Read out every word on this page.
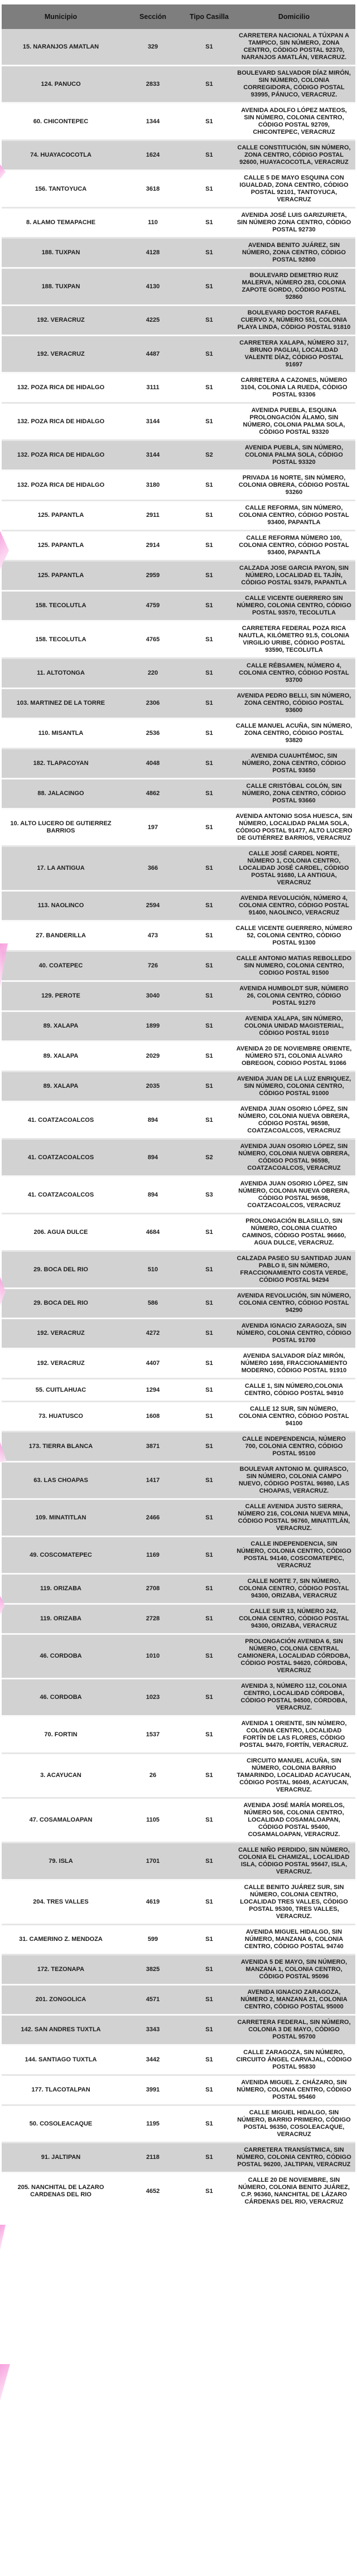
Municipio	Sección	Tipo Casilla	Domicilio
15. NARANJOS AMATLAN	329	S1	CARRETERA NACIONAL A TÚXPAN A TAMPICO, SIN NÚMERO, ZONA CENTRO, CÓDIGO POSTAL 92370, NARANJOS AMATLÁN, VERACRUZ.
124. PANUCO	2833	S1	BOULEVARD SALVADOR DÍAZ MIRÓN, SIN NÚMERO, COLONIA CORREGIDORA, CÓDIGO POSTAL 93995, PÁNUCO, VERACRUZ.
60. CHICONTEPEC	1344	S1	AVENIDA ADOLFO LÓPEZ MATEOS, SIN NÚMERO, COLONIA CENTRO, CÓDIGO POSTAL 92709, CHICONTEPEC, VERACRUZ
74. HUAYACOCOTLA	1624	S1	CALLE CONSTITUCIÓN, SIN NÚMERO, ZONA CENTRO, CÓDIGO POSTAL 92600, HUAYACOCOTLA, VERACRUZ
156. TANTOYUCA	3618	S1	CALLE 5 DE MAYO ESQUINA CON IGUALDAD, ZONA CENTRO, CÓDIGO POSTAL 92101, TANTOYUCA, VERACRUZ
8. ALAMO TEMAPACHE	110	S1	AVENIDA JOSÉ LUIS GARIZURIETA, SIN NÚMERO ZONA CENTRO, CÓDIGO POSTAL 92730
188. TUXPAN	4128	S1	AVENIDA BENITO JUÁREZ, SIN NÚMERO, ZONA CENTRO, CÓDIGO POSTAL 92800
188. TUXPAN	4130	S1	BOULEVARD DEMETRIO RUIZ MALERVA, NÚMERO 283, COLONIA ZAPOTE GORDO, CÓDIGO POSTAL 92860
192. VERACRUZ	4225	S1	BOULEVARD DOCTOR RAFAEL CUERVO X, NÚMERO 551, COLONIA PLAYA LINDA, CÓDIGO POSTAL 91810
192. VERACRUZ	4487	S1	CARRETERA XALAPA, NÚMERO 317, BRUNO PAGLIAI, LOCALIDAD VALENTE DÍAZ, CÓDIGO POSTAL 91697
132. POZA RICA DE HIDALGO	3111	S1	CARRETERA A CAZONES, NÚMERO 3104, COLONIA LA RUEDA, CÓDIGO POSTAL 93306
132. POZA RICA DE HIDALGO	3144	S1	AVENIDA PUEBLA, ESQUINA PROLONGACIÓN ÁLAMO, SIN NÚMERO, COLONIA PALMA SOLA, CÓDIGO POSTAL 93320
132. POZA RICA DE HIDALGO	3144	S2	AVENIDA PUEBLA, SIN NÚMERO, COLONIA PALMA SOLA, CÓDIGO POSTAL 93320
132. POZA RICA DE HIDALGO	3180	S1	PRIVADA 16 NORTE, SIN NÚMERO, COLONIA OBRERA, CÓDIGO POSTAL 93260
125. PAPANTLA	2911	S1	CALLE REFORMA, SIN NÚMERO, COLONIA CENTRO, CÓDIGO POSTAL 93400, PAPANTLA
125. PAPANTLA	2914	S1	CALLE REFORMA NÚMERO 100, COLONIA CENTRO, CÓDIGO POSTAL 93400, PAPANTLA
125. PAPANTLA	2959	S1	CALZADA JOSE GARCIA PAYON, SIN NÚMERO, LOCALIDAD EL TAJÍN, CÓDIGO POSTAL 93479, PAPANTLA
158. TECOLUTLA	4759	S1	CALLE VICENTE GUERRERO SIN NÚMERO, COLONIA CENTRO, CÓDIGO POSTAL 93570, TECOLUTLA
158. TECOLUTLA	4765	S1	CARRETERA FEDERAL POZA RICA NAUTLA, KILÓMETRO 91.5, COLONIA VIRGILIO URIBE, CÓDIGO POSTAL 93590, TECOLUTLA
11. ALTOTONGA	220	S1	CALLE RÉBSAMEN, NÚMERO 4, COLONIA CENTRO, CÓDIGO POSTAL 93700
103. MARTINEZ DE LA TORRE	2306	S1	AVENIDA PEDRO BELLI, SIN NÚMERO, ZONA CENTRO, CÓDIGO POSTAL 93600
110. MISANTLA	2536	S1	CALLE MANUEL ACUÑA, SIN NÚMERO, ZONA CENTRO, CÓDIGO POSTAL 93820
182. TLAPACOYAN	4048	S1	AVENIDA CUAUHTÉMOC, SIN NÚMERO, ZONA CENTRO, CÓDIGO POSTAL 93650
88. JALACINGO	4862	S1	CALLE CRISTÓBAL COLÓN, SIN NÚMERO, ZONA CENTRO, CÓDIGO POSTAL 93660
10. ALTO LUCERO DE GUTIERREZ BARRIOS	197	S1	AVENIDA ANTONIO SOSA HUESCA, SIN NÚMERO, LOCALIDAD PALMA SOLA, CÓDIGO POSTAL 91477, ALTO LUCERO DE GUTIÉRREZ BARRIOS, VERACRUZ
17. LA ANTIGUA	366	S1	CALLE JOSÉ CARDEL NORTE, NÚMERO 1, COLONIA CENTRO, LOCALIDAD JOSÉ CARDEL, CÓDIGO POSTAL 91680, LA ANTIGUA, VERACRUZ
113. NAOLINCO	2594	S1	AVENIDA REVOLUCIÓN, NÚMERO 4, COLONIA CENTRO, CÓDIGO POSTAL 91400, NAOLINCO, VERACRUZ
27. BANDERILLA	473	S1	CALLE VICENTE GUERRERO, NÚMERO 52, COLONIA CENTRO, CÓDIGO POSTAL 91300
40. COATEPEC	726	S1	CALLE ANTONIO MATIAS REBOLLEDO SIN NUMERO, COLONIA CENTRO, CODIGO POSTAL 91500
129. PEROTE	3040	S1	AVENIDA HUMBOLDT SUR, NÚMERO 26, COLONIA CENTRO, CÓDIGO POSTAL 91270
89. XALAPA	1899	S1	AVENIDA XALAPA, SIN NÚMERO, COLONIA UNIDAD MAGISTERIAL, CÓDIGO POSTAL 91010
89. XALAPA	2029	S1	AVENIDA 20 DE NOVIEMBRE ORIENTE, NÚMERO 571, COLONIA ALVARO OBREGON, CODIGO POSTAL 91066
89. XALAPA	2035	S1	AVENIDA JUAN DE LA LUZ ENRIQUEZ, SIN NÚMERO, COLONIA CENTRO, CÓDIGO POSTAL 91000
41. COATZACOALCOS	894	S1	AVENIDA JUAN OSORIO LÓPEZ, SIN NÚMERO, COLONIA NUEVA OBRERA, CÓDIGO POSTAL 96598, COATZACOALCOS, VERACRUZ
41. COATZACOALCOS	894	S2	AVENIDA JUAN OSORIO LÓPEZ, SIN NÚMERO, COLONIA NUEVA OBRERA, CÓDIGO POSTAL 96598, COATZACOALCOS, VERACRUZ
41. COATZACOALCOS	894	S3	AVENIDA JUAN OSORIO LÓPEZ, SIN NÚMERO, COLONIA NUEVA OBRERA, CÓDIGO POSTAL 96598, COATZACOALCOS, VERACRUZ
206. AGUA DULCE	4684	S1	PROLONGACIÓN BLASILLO, SIN NÚMERO, COLONIA CUATRO CAMINOS, CÓDIGO POSTAL 96660, AGUA DULCE, VERACRUZ.
29. BOCA DEL RIO	510	S1	CALZADA PASEO SU SANTIDAD JUAN PABLO II, SIN NÚMERO, FRACCIONAMIENTO COSTA VERDE, CÓDIGO POSTAL 94294
29. BOCA DEL RIO	586	S1	AVENIDA REVOLUCIÓN, SIN NÚMERO, COLONIA CENTRO, CÓDIGO POSTAL 94290
192. VERACRUZ	4272	S1	AVENIDA IGNACIO ZARAGOZA, SIN NÚMERO, COLONIA CENTRO, CÓDIGO POSTAL 91700
192. VERACRUZ	4407	S1	AVENIDA SALVADOR DÍAZ MIRÓN, NÚMERO 1698, FRACCIONAMIENTO MODERNO, CÓDIGO POSTAL 91910
55. CUITLAHUAC	1294	S1	CALLE 1, SIN NÚMERO,COLONIA CENTRO, CÓDIGO POSTAL 94910
73. HUATUSCO	1608	S1	CALLE 12 SUR, SIN NÚMERO, COLONIA CENTRO, CÓDIGO POSTAL 94100
173. TIERRA BLANCA	3871	S1	CALLE INDEPENDENCIA, NÚMERO 700, COLONIA CENTRO, CÓDIGO POSTAL 95100
63. LAS CHOAPAS	1417	S1	BOULEVAR ANTONIO M. QUIRASCO, SIN NÚMERO, COLONIA CAMPO NUEVO, CÓDIGO POSTAL 96980, LAS CHOAPAS, VERACRUZ.
109. MINATITLAN	2466	S1	CALLE AVENIDA JUSTO SIERRA, NÚMERO 216, COLONIA NUEVA MINA, CÓDIGO POSTAL 96760, MINATITLÁN, VERACRUZ.
49. COSCOMATEPEC	1169	S1	CALLE INDEPENDENCIA, SIN NÚMERO, COLONIA CENTRO, CÓDIGO POSTAL 94140, COSCOMATEPEC, VERACRUZ
119. ORIZABA	2708	S1	CALLE NORTE 7, SIN NÚMERO, COLONIA CENTRO, CÓDIGO POSTAL 94300, ORIZABA, VERACRUZ
119. ORIZABA	2728	S1	CALLE SUR 13, NÚMERO 242, COLONIA CENTRO, CÓDIGO POSTAL 94300, ORIZABA, VERACRUZ
46. CORDOBA	1010	S1	PROLONGACIÓN AVENIDA 6, SIN NÚMERO, COLONIA CENTRAL CAMIONERA, LOCALIDAD CÓRDOBA, CÓDIGO POSTAL 94620, CÓRDOBA, VERACRUZ
46. CORDOBA	1023	S1	AVENIDA 3, NÚMERO 112, COLONIA CENTRO, LOCALIDAD CÓRDOBA, CÓDIGO POSTAL 94500, CÓRDOBA, VERACRUZ.
70. FORTIN	1537	S1	AVENIDA 1 ORIENTE, SIN NÚMERO, COLONIA CENTRO, LOCALIDAD FORTÍN DE LAS FLORES, CÓDIGO POSTAL 94470, FORTÍN, VERACRUZ.
3. ACAYUCAN	26	S1	CIRCUITO MANUEL ACUÑA, SIN NÚMERO, COLONIA BARRIO TAMARINDO, LOCALIDAD ACAYUCAN, CÓDIGO POSTAL 96049, ACAYUCAN, VERACRUZ.
47. COSAMALOAPAN	1105	S1	AVENIDA JOSÉ MARÍA MORELOS, NÚMERO 506, COLONIA CENTRO, LOCALIDAD COSAMALOAPAN, CÓDIGO POSTAL 95400, COSAMALOAPAN, VERACRUZ.
79. ISLA	1701	S1	CALLE NIÑO PERDIDO, SIN NÚMERO, COLONIA EL CHAMIZAL, LOCALIDAD ISLA, CÓDIGO POSTAL 95647, ISLA, VERACRUZ.
204. TRES VALLES	4619	S1	CALLE BENITO JUÁREZ SUR, SIN NÚMERO, COLONIA CENTRO, LOCALIDAD TRES VALLES, CÓDIGO POSTAL 95300, TRES VALLES, VERACRUZ.
31. CAMERINO Z. MENDOZA	599	S1	AVENIDA MIGUEL HIDALGO, SIN NÚMERO, MANZANA 6, COLONIA CENTRO, CÓDIGO POSTAL 94740
172. TEZONAPA	3825	S1	AVENIDA 5 DE MAYO, SIN NÚMERO, MANZANA 1, COLONIA CENTRO, CÓDIGO POSTAL 95096
201. ZONGOLICA	4571	S1	AVENIDA IGNACIO ZARAGOZA, NÚMERO 2, MANZANA 21, COLONIA CENTRO, CÓDIGO POSTAL 95000
142. SAN ANDRES TUXTLA	3343	S1	CARRETERA FEDERAL, SIN NÚMERO, COLONIA 3 DE MAYO, CÓDIGO POSTAL 95700
144. SANTIAGO TUXTLA	3442	S1	CALLE ZARAGOZA, SIN NÚMERO, CIRCUITO ÁNGEL CARVAJAL, CÓDIGO POSTAL 95830
177. TLACOTALPAN	3991	S1	AVENIDA MIGUEL Z. CHÁZARO, SIN NÚMERO, COLONIA CENTRO, CÓDIGO POSTAL 95460
50. COSOLEACAQUE	1195	S1	CALLE MIGUEL HIDALGO, SIN NÚMERO, BARRIO PRIMERO, CÓDIGO POSTAL 96350, COSOLEACAQUE, VERACRUZ
91. JALTIPAN	2118	S1	CARRETERA TRANSÍSTMICA, SIN NÚMERO, COLONIA CENTRO, CÓDIGO POSTAL 96200, JALTIPAN, VERACRUZ
205. NANCHITAL DE LAZARO CARDENAS DEL RIO	4652	S1	CALLE 20 DE NOVIEMBRE, SIN NÚMERO, COLONIA BENITO JUÁREZ, C.P. 96360, NANCHITAL DE LÁZARO CÁRDENAS DEL RIO, VERACRUZ
